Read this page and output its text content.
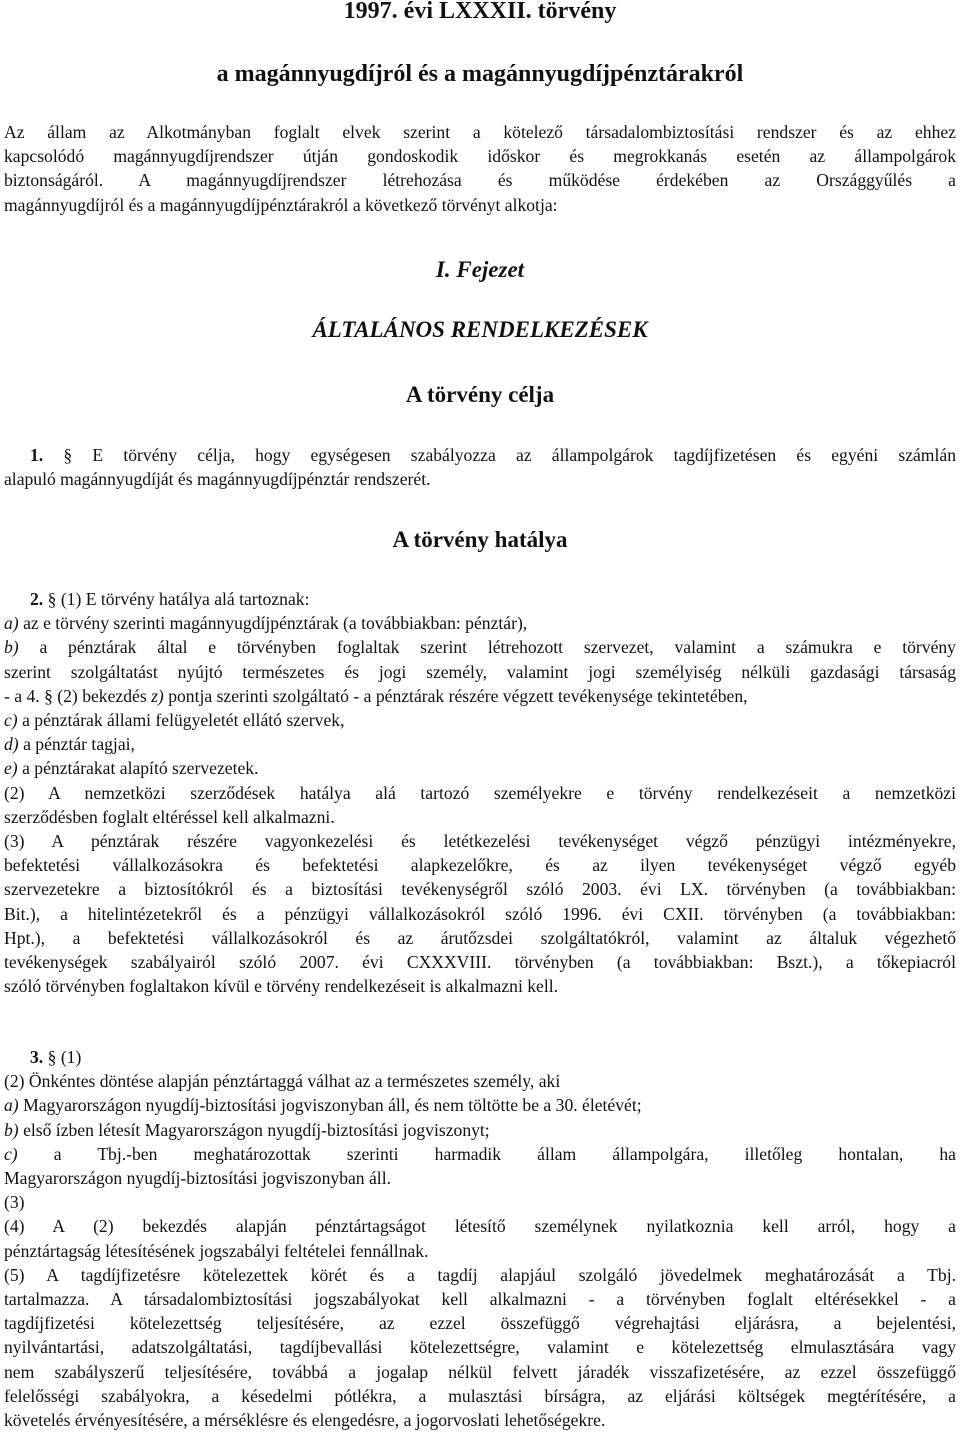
1997. évi LXXXII. törvény
a magánnyugdíjról és a magánnyugdíjpénztárakról
Az állam az Alkotmányban foglalt elvek szerint a kötelező társadalombiztosítási rendszer és az ehhez
kapcsolódó magánnyugdíjrendszer útján gondoskodik időskor és megrokkanás esetén az állampolgárok
biztonságáról. A magánnyugdíjrendszer létrehozása és működése érdekében az Országgyűlés a
magánnyugdíjról és a magánnyugdíjpénztárakról a következő törvényt alkotja:
I. Fejezet
ÁLTALÁNOS RENDELKEZÉSEK
A törvény célja
1. § E törvény célja, hogy egységesen szabályozza az állampolgárok tagdíjfizetésen és egyéni számlán
alapuló magánnyugdíját és magánnyugdíjpénztár rendszerét.
A törvény hatálya
2. § (1) E törvény hatálya alá tartoznak:
a) az e törvény szerinti magánnyugdíjpénztárak (a továbbiakban: pénztár),
b) a pénztárak által e törvényben foglaltak szerint létrehozott szervezet, valamint a számukra e törvény
szerint szolgáltatást nyújtó természetes és jogi személy, valamint jogi személyiség nélküli gazdasági társaság
- a 4. § (2) bekezdés z) pontja szerinti szolgáltató - a pénztárak részére végzett tevékenysége tekintetében,
c) a pénztárak állami felügyeletét ellátó szervek,
d) a pénztár tagjai,
e) a pénztárakat alapító szervezetek.
(2) A nemzetközi szerződések hatálya alá tartozó személyekre e törvény rendelkezéseit a nemzetközi
szerződésben foglalt eltéréssel kell alkalmazni.
(3) A pénztárak részére vagyonkezelési és letétkezelési tevékenységet végző pénzügyi intézményekre,
befektetési vállalkozásokra és befektetési alapkezelőkre, és az ilyen tevékenységet végző egyéb
szervezetekre a biztosítókról és a biztosítási tevékenységről szóló 2003. évi LX. törvényben (a továbbiakban:
Bit.), a hitelintézetekről és a pénzügyi vállalkozásokról szóló 1996. évi CXII. törvényben (a továbbiakban:
Hpt.), a befektetési vállalkozásokról és az árutőzsdei szolgáltatókról, valamint az általuk végezhető
tevékenységek szabályairól szóló 2007. évi CXXXVIII. törvényben (a továbbiakban: Bszt.), a tőkepiacról
szóló törvényben foglaltakon kívül e törvény rendelkezéseit is alkalmazni kell.
3. § (1)
(2) Önkéntes döntése alapján pénztártaggá válhat az a természetes személy, aki
a) Magyarországon nyugdíj-biztosítási jogviszonyban áll, és nem töltötte be a 30. életévét;
b) első ízben létesít Magyarországon nyugdíj-biztosítási jogviszonyt;
c) a Tbj.-ben meghatározottak szerinti harmadik állam állampolgára, illetőleg hontalan, ha
Magyarországon nyugdíj-biztosítási jogviszonyban áll.
(3)
(4) A (2) bekezdés alapján pénztártagságot létesítő személynek nyilatkoznia kell arról, hogy a
pénztártagság létesítésének jogszabályi feltételei fennállnak.
(5) A tagdíjfizetésre kötelezettek körét és a tagdíj alapjául szolgáló jövedelmek meghatározását a Tbj.
tartalmazza. A társadalombiztosítási jogszabályokat kell alkalmazni - a törvényben foglalt eltérésekkel - a
tagdíjfizetési kötelezettség teljesítésére, az ezzel összefüggő végrehajtási eljárásra, a bejelentési,
nyilvántartási, adatszolgáltatási, tagdíjbevallási kötelezettségre, valamint e kötelezettség elmulasztására vagy
nem szabályszerű teljesítésére, továbbá a jogalap nélkül felvett járadék visszafizetésére, az ezzel összefüggő
felelősségi szabályokra, a késedelmi pótlékra, a mulasztási bírságra, az eljárási költségek megtérítésére, a
követelés érvényesítésére, a mérséklésre és elengedésre, a jogorvoslati lehetőségekre.
